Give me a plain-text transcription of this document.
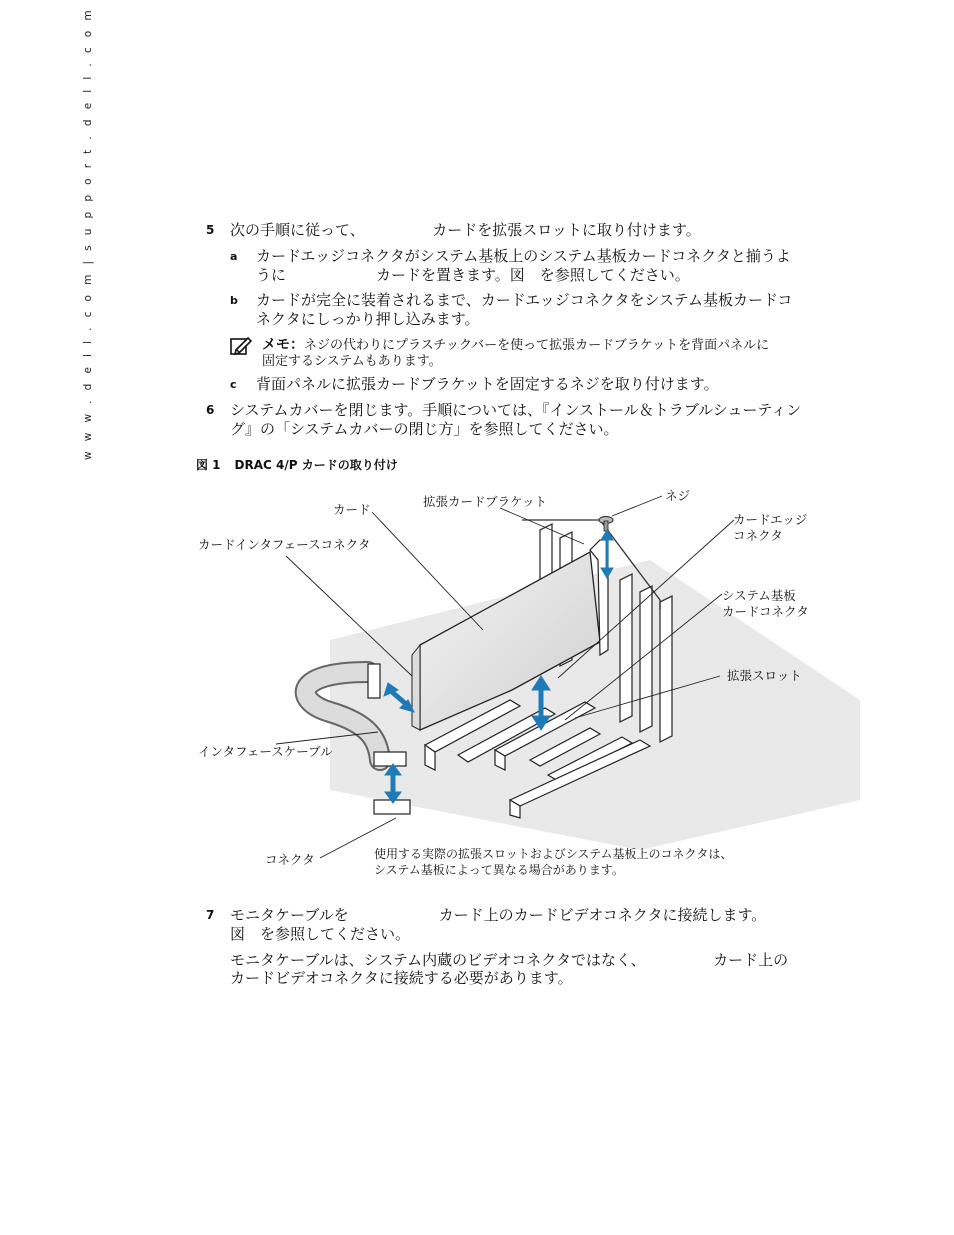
w w w . d e l l . c o m | s u p p o r t . d e l l . c o m	5 次の手順に従って、　　　　　カードを拡張スロットに取り付けます。
a カードエッジコネクタがシステム基板上のシステム基板カードコネクタと揃うよ
うに　　　　　　カードを置きます。図　を参照してください。
b カードが完全に装着されるまで、カードエッジコネクタをシステム基板カードコ
ネクタにしっかり押し込みます。
メモ：ネジの代わりにプラスチックバーを使って拡張カードブラケットを背面パネルに
固定するシステムもあります。
c 背面パネルに拡張カードブラケットを固定するネジを取り付けます。
6 システムカバーを閉じます。手順については、『インストール＆トラブルシューティン
グ』の「システムカバーの閉じ方」を参照してください。
図 1 DRAC 4/P カードの取り付け
カード
拡張カードブラケット	ネジ
カードエッジ
コネクタ
カードインタフェースコネクタ
システム基板
カードコネクタ
拡張スロット
インタフェースケーブル
コネクタ	使用する実際の拡張スロットおよびシステム基板上のコネクタは、
システム基板によって異なる場合があります。
7 モニタケーブルを　　　　　　カード上のカードビデオコネクタに接続します。
図　を参照してください。
モニタケーブルは、システム内蔵のビデオコネクタではなく、　　　　　カード上の
カードビデオコネクタに接続する必要があります。
